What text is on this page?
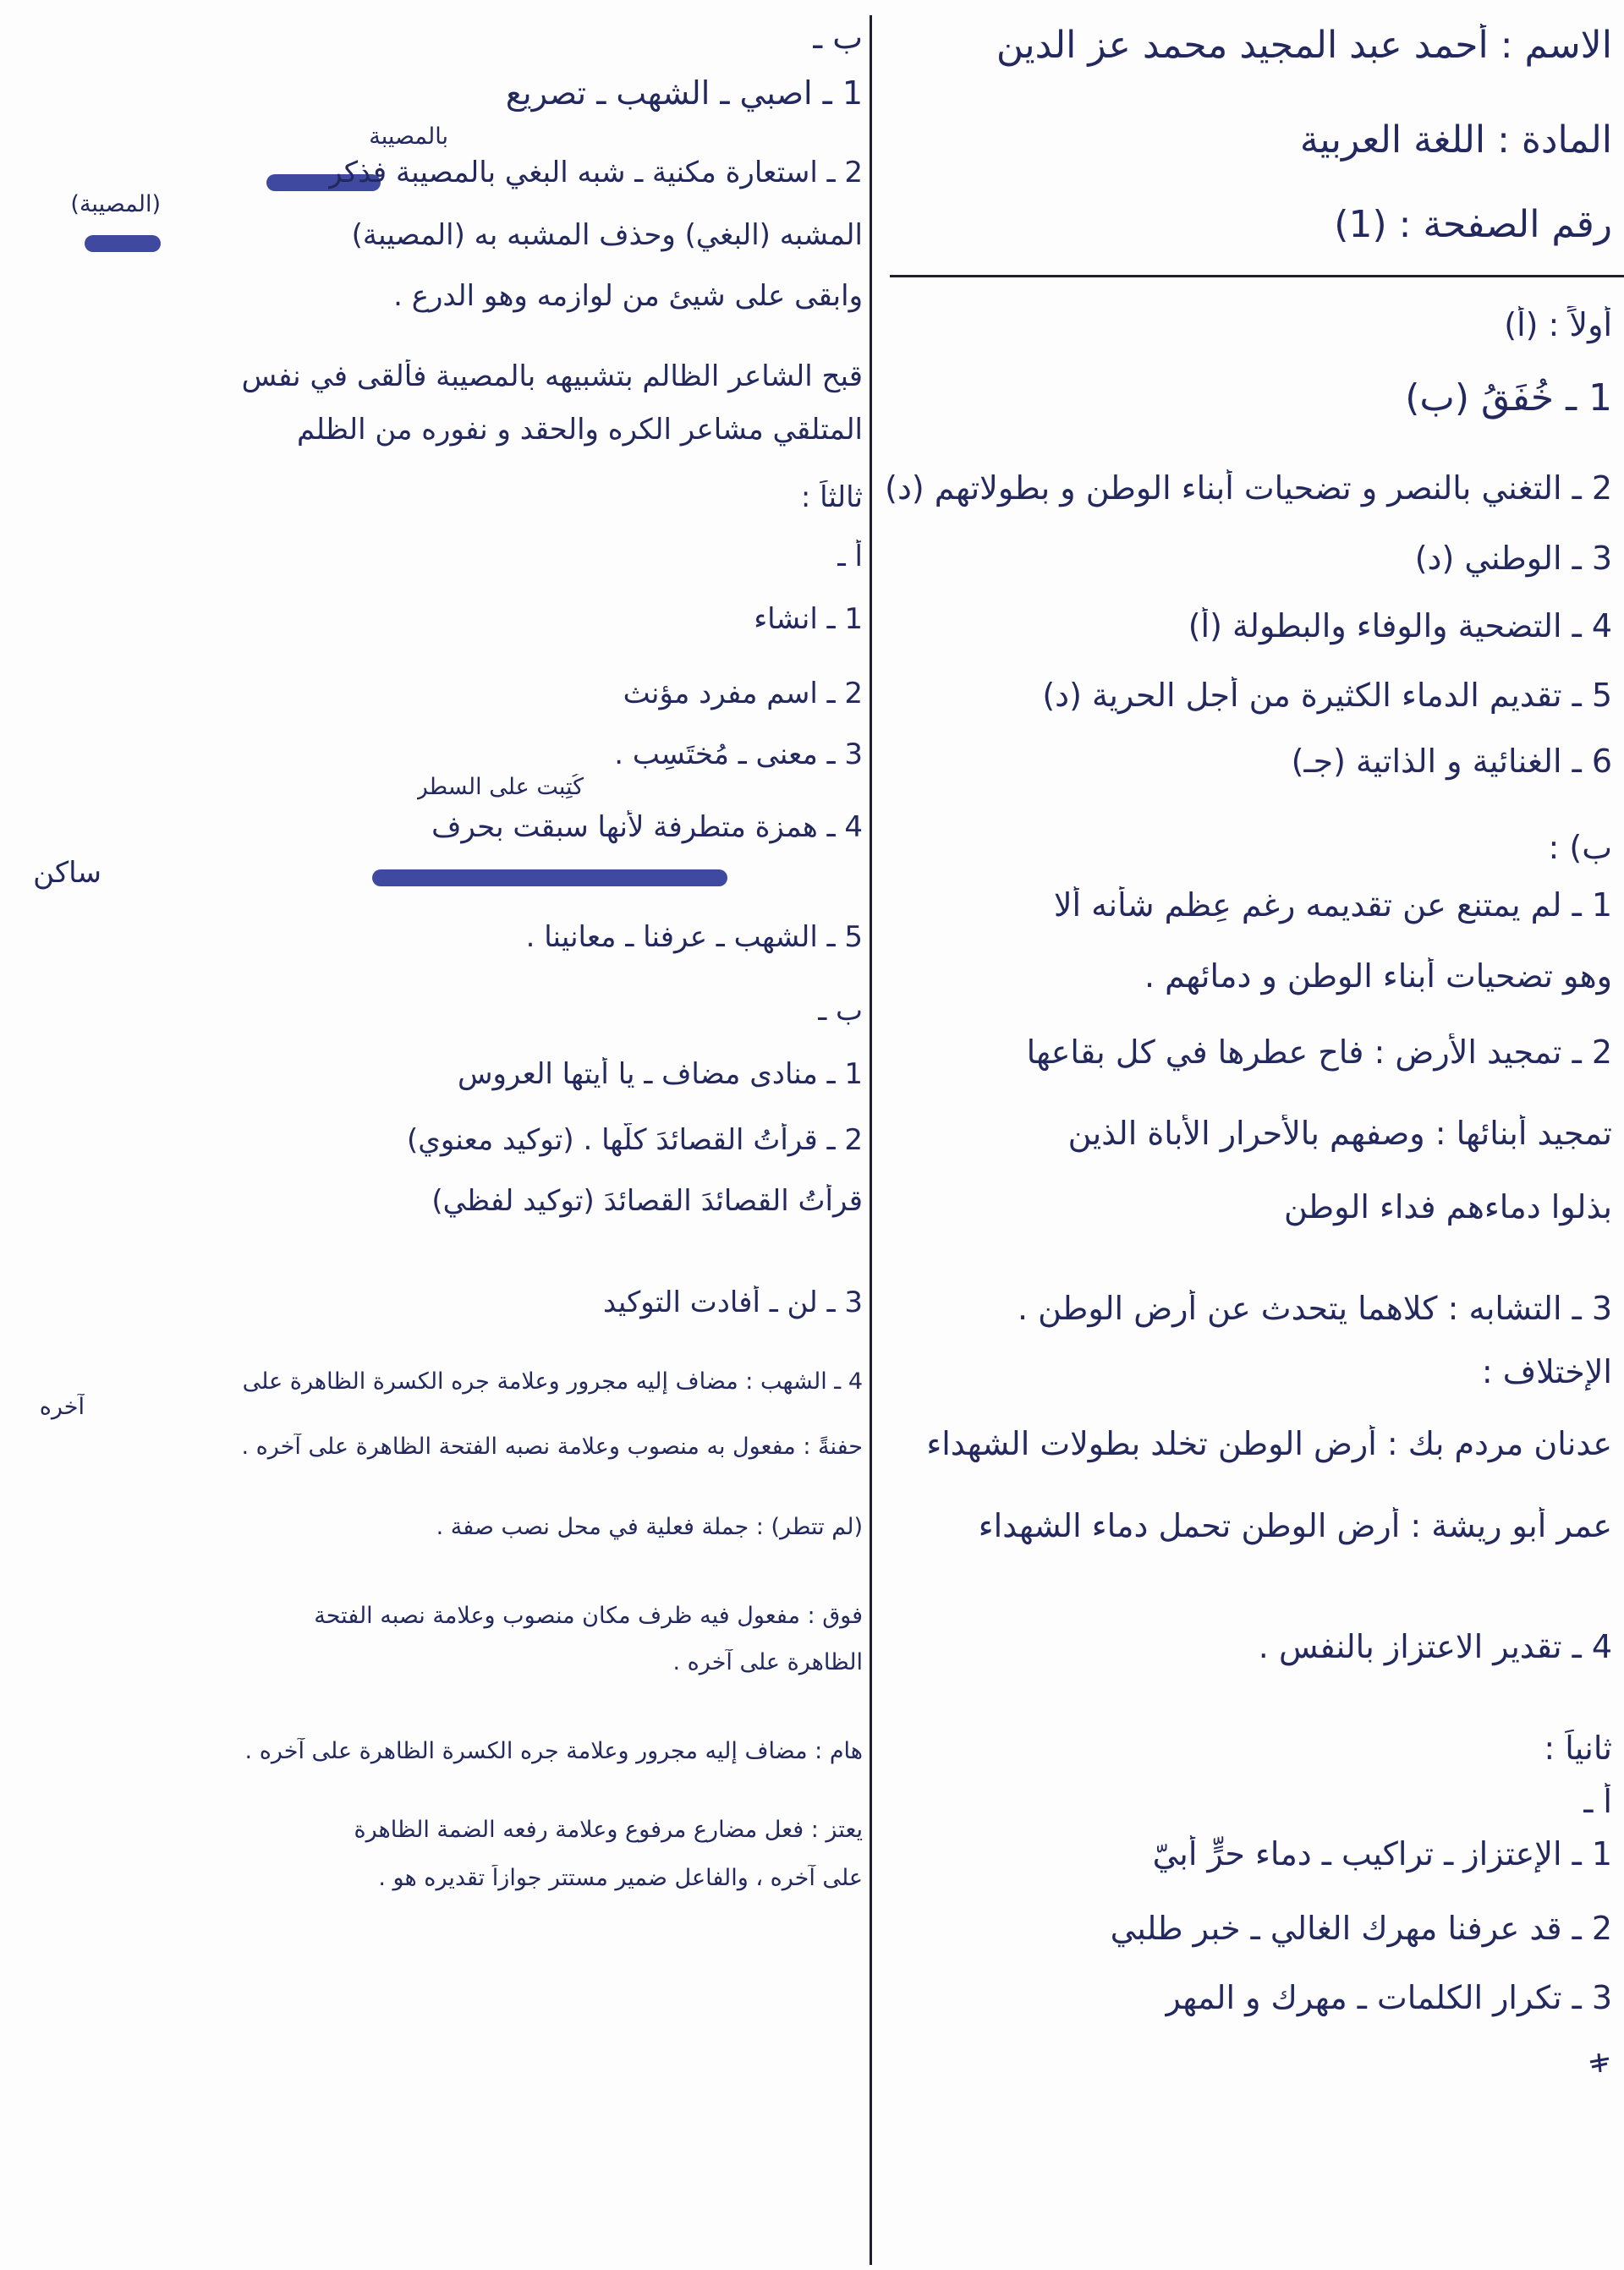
الاسم : أحمد عبد المجيد محمد عز الدين
المادة : اللغة العربية
رقم الصفحة : (1)
أولاً : (أ)
1 ـ خُفَقُ (ب)
2 ـ التغني بالنصر و تضحيات أبناء الوطن و بطولاتهم (د)
3 ـ الوطني (د)
4 ـ التضحية والوفاء والبطولة (أ)
5 ـ تقديم الدماء الكثيرة من أجل الحرية (د)
6 ـ الغنائية و الذاتية (جـ)
ب) :
1 ـ لم يمتنع عن تقديمه رغم عِظم شأنه ألا
وهو تضحيات أبناء الوطن و دمائهم .
2 ـ تمجيد الأرض : فاح عطرها في كل بقاعها
تمجيد أبنائها : وصفهم بالأحرار الأباة الذين
بذلوا دماءهم فداء الوطن
3 ـ التشابه : كلاهما يتحدث عن أرض الوطن .
الإختلاف :
عدنان مردم بك : أرض الوطن تخلد بطولات الشهداء
عمر أبو ريشة : أرض الوطن تحمل دماء الشهداء
4 ـ تقدير الاعتزاز بالنفس .
ثانياً :
أ ـ
1 ـ الإعتزاز ـ تراكيب ـ دماء حرٍّ أبيّ
2 ـ قد عرفنا مهرك الغالي ـ خبر طلبي
3 ـ تكرار الكلمات ـ مهرك و المهر
ب ـ
1 ـ اصبي ـ الشهب ـ تصريع
بالمصيبة
2 ـ استعارة مكنية ـ شبه البغي بالمصيبة فذكر
(المصيبة)
المشبه (البغي) وحذف المشبه به (المصيبة)
وابقى على شيئ من لوازمه وهو الدرع .
قبح الشاعر الظالم بتشبيهه بالمصيبة فألقى في نفس
المتلقي مشاعر الكره والحقد و نفوره من الظلم
ثالثاً :
أ ـ
1 ـ انشاء
2 ـ اسم مفرد مؤنث
3 ـ معنى ـ مُختَسِب .
كُتِبت على السطر
4 ـ همزة متطرفة لأنها سبقت بحرف
ساكن
5 ـ الشهب ـ عرفنا ـ معانينا .
ب ـ
1 ـ منادى مضاف ـ يا أيتها العروس
2 ـ قرأتُ القصائدَ كلَّها . (توكيد معنوي)
قرأتُ القصائدَ القصائدَ (توكيد لفظي)
3 ـ لن ـ أفادت التوكيد
4 ـ الشهب : مضاف إليه مجرور وعلامة جره الكسرة الظاهرة على
آخره
حفنةً : مفعول به منصوب وعلامة نصبه الفتحة الظاهرة على آخره .
(لم تتطر) : جملة فعلية في محل نصب صفة .
فوق : مفعول فيه ظرف مكان منصوب وعلامة نصبه الفتحة
الظاهرة على آخره .
هام : مضاف إليه مجرور وعلامة جره الكسرة الظاهرة على آخره .
يعتز : فعل مضارع مرفوع وعلامة رفعه الضمة الظاهرة
على آخره ، والفاعل ضمير مستتر جوازاً تقديره هو .
